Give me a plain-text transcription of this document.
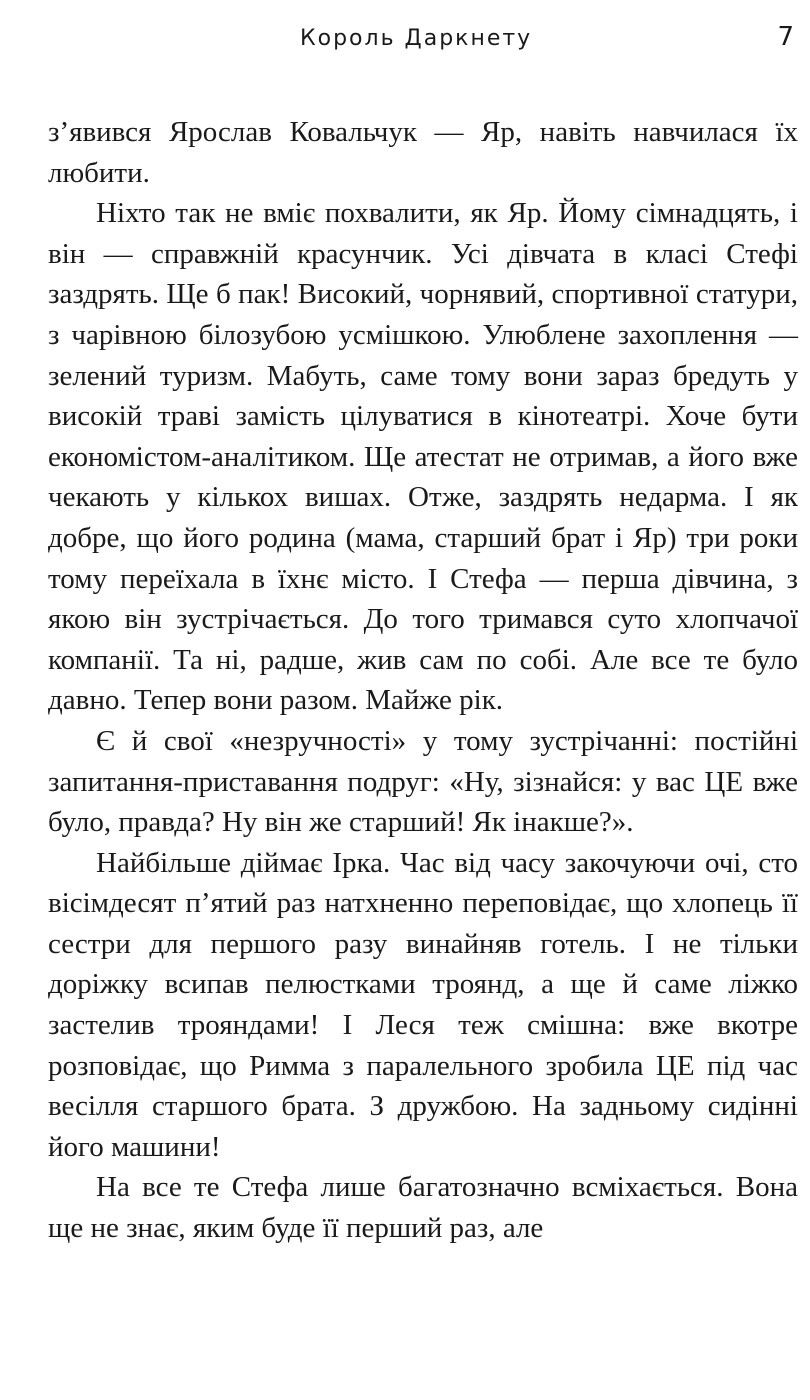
Король Даркнету	7

з’явився Ярослав Ковальчук — Яр, навіть навчилася їх любити.

Ніхто так не вміє похвалити, як Яр. Йому сімнадцять, і він — справжній красунчик. Усі дівчата в класі Стефі заздрять. Ще б пак! Високий, чорнявий, спортивної статури, з чарівною білозубою усмішкою. Улюблене захоплення — зелений туризм. Мабуть, саме тому вони зараз бредуть у високій траві замість цілуватися в кінотеатрі. Хоче бути економістом-аналітиком. Ще атестат не отримав, а його вже чекають у кількох вишах. Отже, заздрять недарма. І як добре, що його родина (мама, старший брат і Яр) три роки тому переїхала в їхнє місто. І Стефа — перша дівчина, з якою він зустрічається. До того тримався суто хлопчачої компанії. Та ні, радше, жив сам по собі. Але все те було давно. Тепер вони разом. Майже рік.

Є й свої «незручності» у тому зустрічанні: постійні запитання-приставання подруг: «Ну, зізнайся: у вас ЦЕ вже було, правда? Ну він же старший! Як інакше?».

Найбільше діймає Ірка. Час від часу закочуючи очі, сто вісімдесят п’ятий раз натхненно переповідає, що хлопець її сестри для першого разу винайняв готель. І не тільки доріжку всипав пелюстками троянд, а ще й саме ліжко застелив трояндами! І Леся теж смішна: вже вкотре розповідає, що Римма з паралельного зробила ЦЕ під час весілля старшого брата. З дружбою. На задньому сидінні його машини!

На все те Стефа лише багатозначно всміхається. Вона ще не знає, яким буде її перший раз, але
